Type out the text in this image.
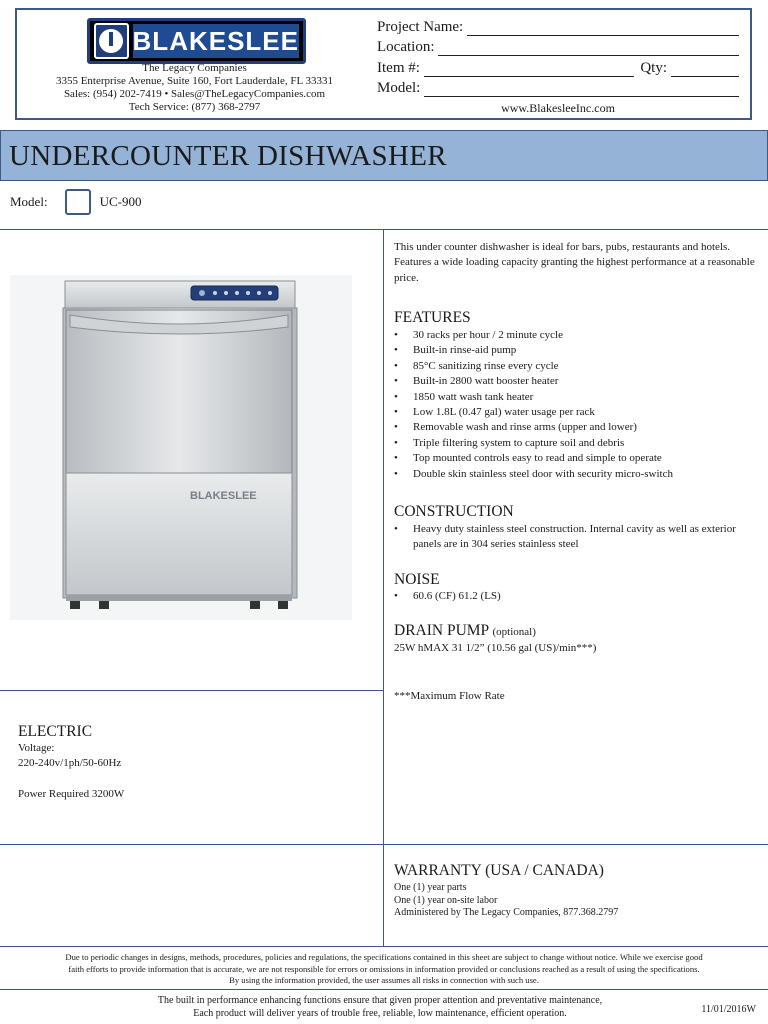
BLAKESLEE
The Legacy Companies
3355 Enterprise Avenue, Suite 160, Fort Lauderdale, FL 33331
Sales: (954) 202-7419 • Sales@TheLegacyCompanies.com
Tech Service: (877) 368-2797
Project Name:
Location:
Item #:	Qty:
Model:
www.BlakesleeInc.com
UNDERCOUNTER DISHWASHER
Model:	UC-900
BLAKESLEE

This under counter dishwasher is ideal for bars, pubs, restaurants and hotels. Features a wide loading capacity granting the highest performance at a reasonable price.

FEATURES
• 30 racks per hour / 2 minute cycle
• Built-in rinse-aid pump
• 85°C sanitizing rinse every cycle
• Built-in 2800 watt booster heater
• 1850 watt wash tank heater
• Low 1.8L (0.47 gal) water usage per rack
• Removable wash and rinse arms (upper and lower)
• Triple filtering system to capture soil and debris
• Top mounted controls easy to read and simple to operate
• Double skin stainless steel door with security micro-switch
CONSTRUCTION
• Heavy duty stainless steel construction. Internal cavity as well as exterior panels are in 304 series stainless steel
NOISE
• 60.6 (CF) 61.2 (LS)
DRAIN PUMP (optional)
25W hMAX 31 1/2” (10.56 gal (US)/min***)
***Maximum Flow Rate
ELECTRIC
Voltage:
220-240v/1ph/50-60Hz
Power Required 3200W
WARRANTY (USA / CANADA)
One (1) year parts
One (1) year on-site labor
Administered by The Legacy Companies, 877.368.2797
Due to periodic changes in designs, methods, procedures, policies and regulations, the specifications contained in this sheet are subject to change without notice. While we exercise good
faith efforts to provide information that is accurate, we are not responsible for errors or omissions in information provided or conclusions reached as a result of using the specifications.
By using the information provided, the user assumes all risks in connection with such use.
The built in performance enhancing functions ensure that given proper attention and preventative maintenance,
Each product will deliver years of trouble free, reliable, low maintenance, efficient operation.	11/01/2016W
